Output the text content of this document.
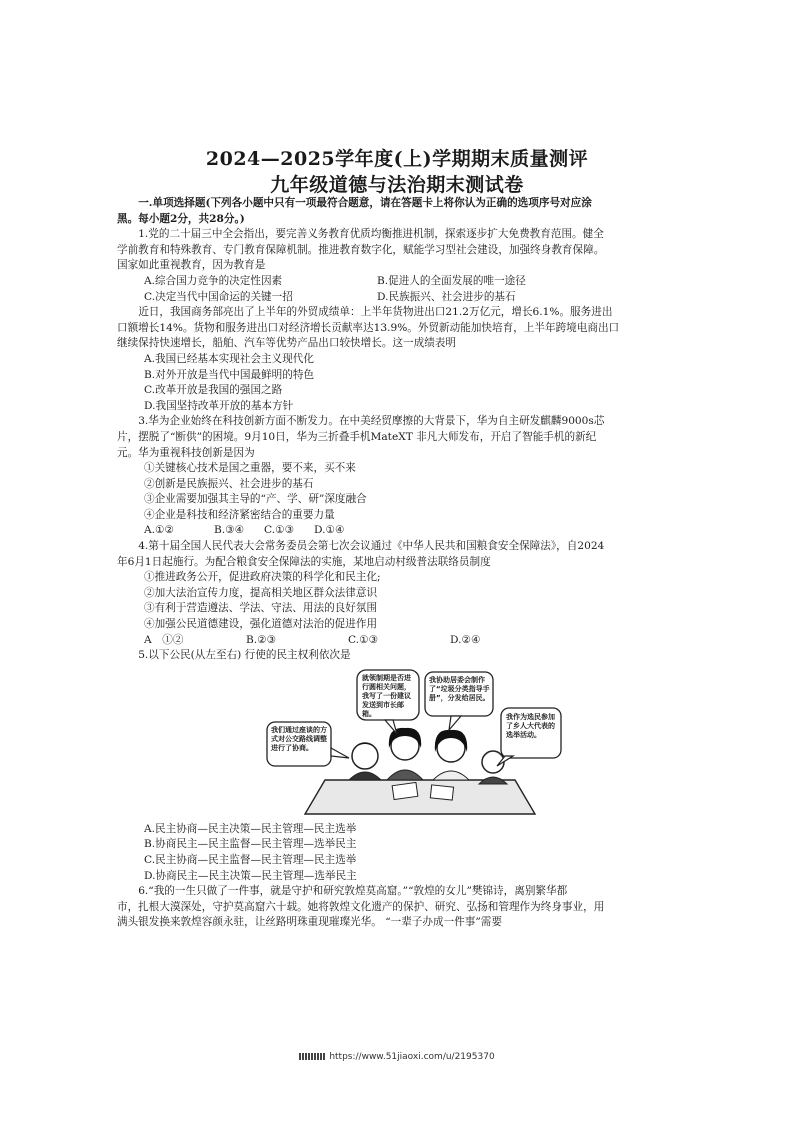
2024—2025学年度(上)学期期末质量测评
九年级道德与法治期末测试卷

一.单项选择题(下列各小题中只有一项最符合题意，请在答题卡上将你认为正确的选项序号对应涂

黑。每小题2分，共28分。)

1.党的二十届三中全会指出，要完善义务教育优质均衡推进机制，探索逐步扩大免费教育范围。健全

学前教育和特殊教育、专门教育保障机制。推进教育数字化，赋能学习型社会建设，加强终身教育保障。

国家如此重视教育，因为教育是

A.综合国力竞争的决定性因素	B.促进人的全面发展的唯一途径
C.决定当代中国命运的关键一招	D.民族振兴、社会进步的基石

近日，我国商务部亮出了上半年的外贸成绩单：上半年货物进出口21.2万亿元，增长6.1%。服务进出

口额增长14%。货物和服务进出口对经济增长贡献率达13.9%。外贸新动能加快培育，上半年跨境电商出口

继续保持快速增长，船舶、汽车等优势产品出口较快增长。这一成绩表明

A.我国已经基本实现社会主义现代化

B.对外开放是当代中国最鲜明的特色

C.改革开放是我国的强国之路

D.我国坚持改革开放的基本方针

3.华为企业始终在科技创新方面不断发力。在中美经贸摩擦的大背景下，华为自主研发麒麟9000s芯

片，摆脱了“断供”的困境。9月10日，华为三折叠手机MateXT 非凡大师发布，开启了智能手机的新纪

元。华为重视科技创新是因为

①关键核心技术是国之重器，要不来，买不来

②创新是民族振兴、社会进步的基石

③企业需要加强其主导的“产、学、研”深度融合

④企业是科技和经济紧密结合的重要力量

A.①②	B.③④	C.①③	D.①④

4.第十届全国人民代表大会常务委员会第七次会议通过《中华人民共和国粮食安全保障法》，自2024

年6月1日起施行。为配合粮食安全保障法的实施，某地启动村级普法联络员制度

①推进政务公开，促进政府决策的科学化和民主化;

②加大法治宣传力度，提高相关地区群众法律意识

③有利于营造遵法、学法、守法、用法的良好氛围

④加强公民道德建设，强化道德对法治的促进作用

A　①②	B.②③	C.①③	D.②④

5.以下公民(从左至右) 行使的民主权利依次是

我们通过座谈的方式对公交路线调整进行了协商。
就领制期是否进行圆相关问题，我写了一份建议发送到市长邮箱。
我协助居委会制作了“垃圾分类指导手册”，分发给居民。
我作为选民参加了乡人大代表的选举活动。

A.民主协商—民主决策—民主管理—民主选举

B.协商民主—民主监督—民主管理—选举民主

C.民主协商—民主监督—民主管理—民主选举

D.协商民主—民主决策—民主管理—选举民主

6.“我的一生只做了一件事，就是守护和研究敦煌莫高窟。”“敦煌的女儿”樊锦诗，离别繁华都

市，扎根大漠深处，守护莫高窟六十载。她将敦煌文化遗产的保护、研究、弘扬和管理作为终身事业，用

满头银发换来敦煌容颜永驻，让丝路明珠重现璀璨光华。 “一辈子办成一件事”需要

https://www.51jiaoxi.com/u/2195370
